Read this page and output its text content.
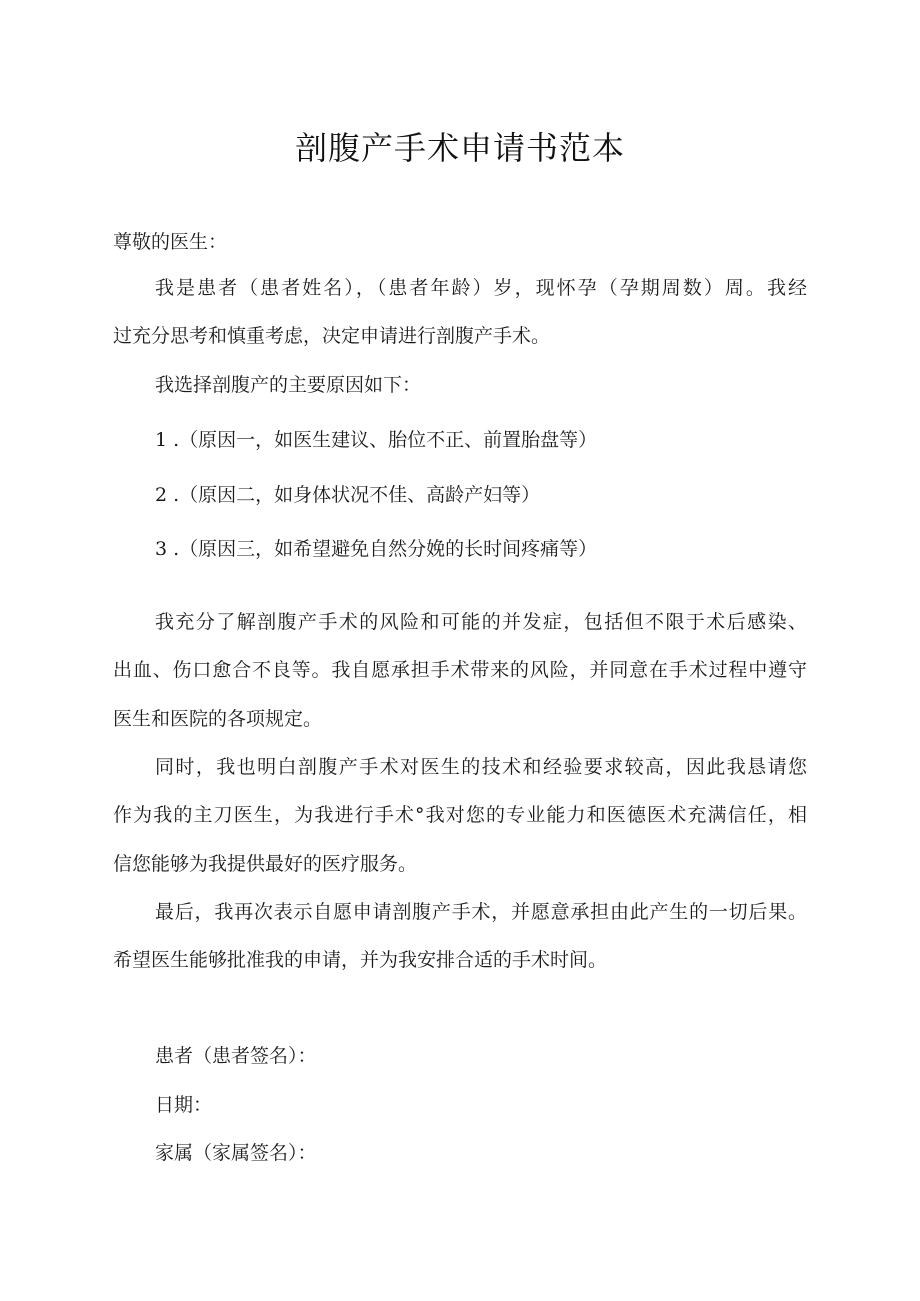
剖腹产手术申请书范本

尊敬的医生：

我是患者（患者姓名），（患者年龄）岁，现怀孕（孕期周数）周。我经

过充分思考和慎重考虑，决定申请进行剖腹产手术。

我选择剖腹产的主要原因如下：

1 .（原因一，如医生建议、胎位不正、前置胎盘等）

2 .（原因二，如身体状况不佳、高龄产妇等）

3 .（原因三，如希望避免自然分娩的长时间疼痛等）

我充分了解剖腹产手术的风险和可能的并发症，包括但不限于术后感染、

出血、伤口愈合不良等。我自愿承担手术带来的风险，并同意在手术过程中遵守

医生和医院的各项规定。

同时，我也明白剖腹产手术对医生的技术和经验要求较高，因此我恳请您

作为我的主刀医生，为我进行手术°我对您的专业能力和医德医术充满信任，相

信您能够为我提供最好的医疗服务。

最后，我再次表示自愿申请剖腹产手术，并愿意承担由此产生的一切后果。

希望医生能够批准我的申请，并为我安排合适的手术时间。

患者（患者签名）：

日期：

家属（家属签名）：
